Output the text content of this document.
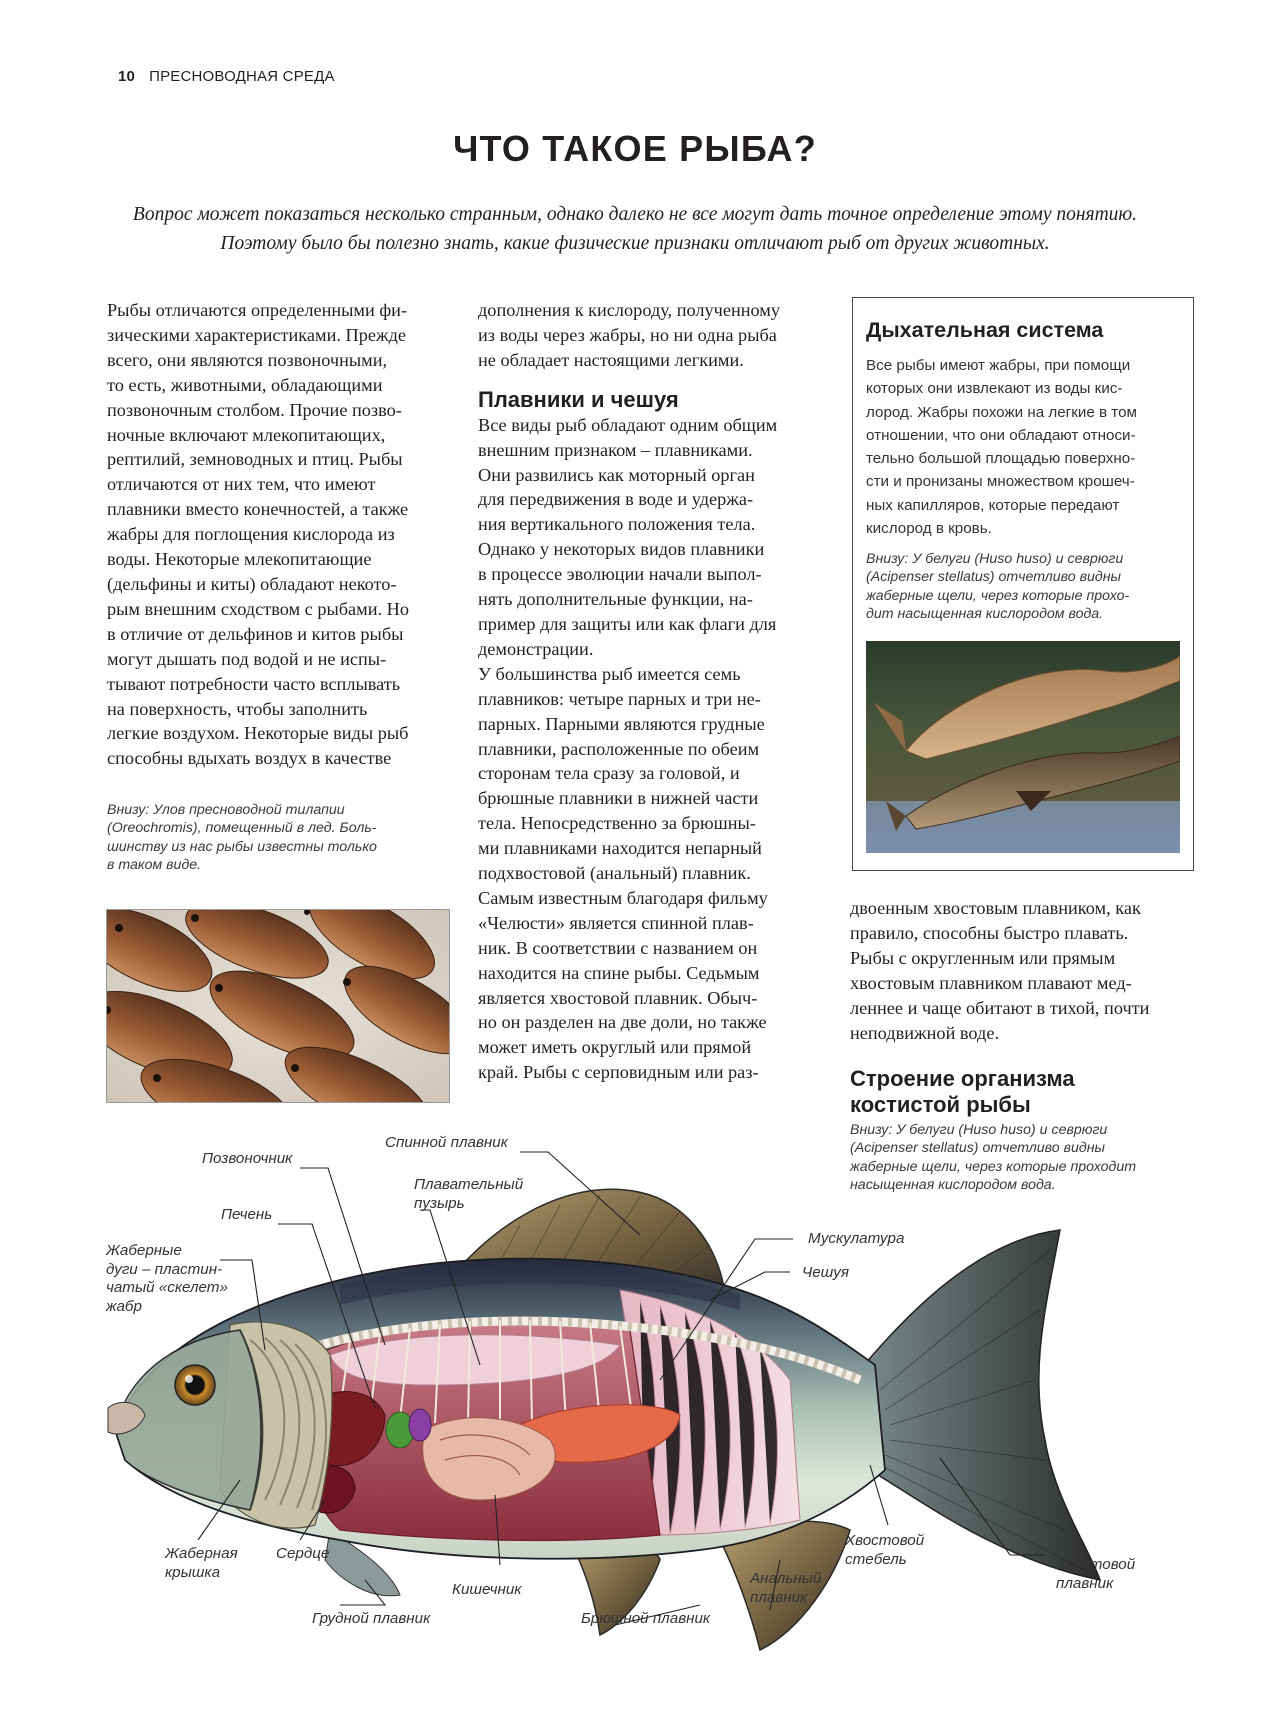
10 ПРЕСНОВОДНАЯ СРЕДА
ЧТО ТАКОЕ РЫБА?
Вопрос может показаться несколько странным, однако далеко не все могут дать точное определение этому понятию.
Поэтому было бы полезно знать, какие физические признаки отличают рыб от других животных.
Рыбы отличаются определенными фи-
зическими характеристиками. Прежде
всего, они являются позвоночными,
то есть, животными, обладающими
позвоночным столбом. Прочие позво-
ночные включают млекопитающих,
рептилий, земноводных и птиц. Рыбы
отличаются от них тем, что имеют
плавники вместо конечностей, а также
жабры для поглощения кислорода из
воды. Некоторые млекопитающие
(дельфины и киты) обладают некото-
рым внешним сходством с рыбами. Но
в отличие от дельфинов и китов рыбы
могут дышать под водой и не испы-
тывают потребности часто всплывать
на поверхность, чтобы заполнить
легкие воздухом. Некоторые виды рыб
способны вдыхать воздух в качестве
Внизу: Улов пресноводной тилапии
(Oreochromis), помещенный в лед. Боль-
шинству из нас рыбы известны только
в таком виде.
дополнения к кислороду, полученному
из воды через жабры, но ни одна рыба
не обладает настоящими легкими.
Плавники и чешуя
Все виды рыб обладают одним общим
внешним признаком – плавниками.
Они развились как моторный орган
для передвижения в воде и удержа-
ния вертикального положения тела.
Однако у некоторых видов плавники
в процессе эволюции начали выпол-
нять дополнительные функции, на-
пример для защиты или как флаги для
демонстрации.
У большинства рыб имеется семь
плавников: четыре парных и три не-
парных. Парными являются грудные
плавники, расположенные по обеим
сторонам тела сразу за головой, и
брюшные плавники в нижней части
тела. Непосредственно за брюшны-
ми плавниками находится непарный
подхвостовой (анальный) плавник.
Самым известным благодаря фильму
«Челюсти» является спинной плав-
ник. В соответствии с названием он
находится на спине рыбы. Седьмым
является хвостовой плавник. Обыч-
но он разделен на две доли, но также
может иметь округлый или прямой
край. Рыбы с серповидным или раз-
Дыхательная система
Все рыбы имеют жабры, при помощи
которых они извлекают из воды кис-
лород. Жабры похожи на легкие в том
отношении, что они обладают относи-
тельно большой площадью поверхно-
сти и пронизаны множеством крошеч-
ных капилляров, которые передают
кислород в кровь.
Внизу: У белуги (Huso huso) и севрюги
(Acipenser stellatus) отчетливо видны
жаберные щели, через которые прохо-
дит насыщенная кислородом вода.
двоенным хвостовым плавником, как
правило, способны быстро плавать.
Рыбы с округленным или прямым
хвостовым плавником плавают мед-
леннее и чаще обитают в тихой, почти
неподвижной воде.
Строение организма
костистой рыбы
Внизу: У белуги (Huso huso) и севрюги
(Acipenser stellatus) отчетливо видны
жаберные щели, через которые проходит
насыщенная кислородом вода.
Позвоночник
Спинной плавник
Плавательный
пузырь
Печень
Жаберные
дуги – пластин-
чатый «скелет»
жабр
Мускулатура
Чешуя
Жаберная
крышка
Сердце
Кишечник
Грудной плавник	Брюшной плавник
Анальный
плавник
Хвостовой
стебель	Хвостовой
плавник
